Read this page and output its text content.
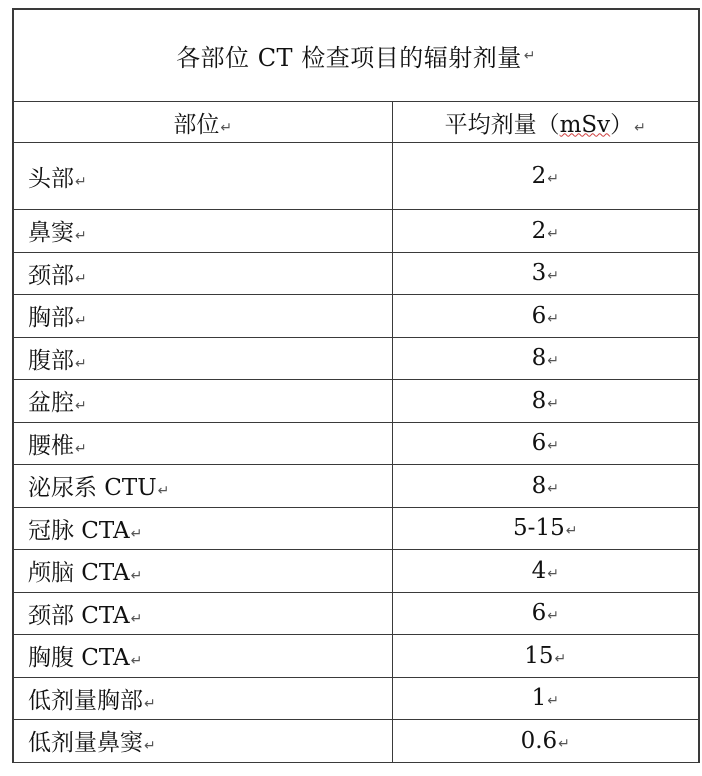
各部位 CT 检查项目的辐射剂量 ↵
部位↵	平均剂量（mSv）↵
头部↵	2↵
鼻窦↵	2↵
颈部↵	3↵
胸部↵	6↵
腹部↵	8↵
盆腔↵	8↵
腰椎↵	6↵
泌尿系 CTU↵	8↵
冠脉 CTA↵	5-15↵
颅脑 CTA↵	4↵
颈部 CTA↵	6↵
胸腹 CTA↵	15↵
低剂量胸部↵	1↵
低剂量鼻窦↵	0.6↵
